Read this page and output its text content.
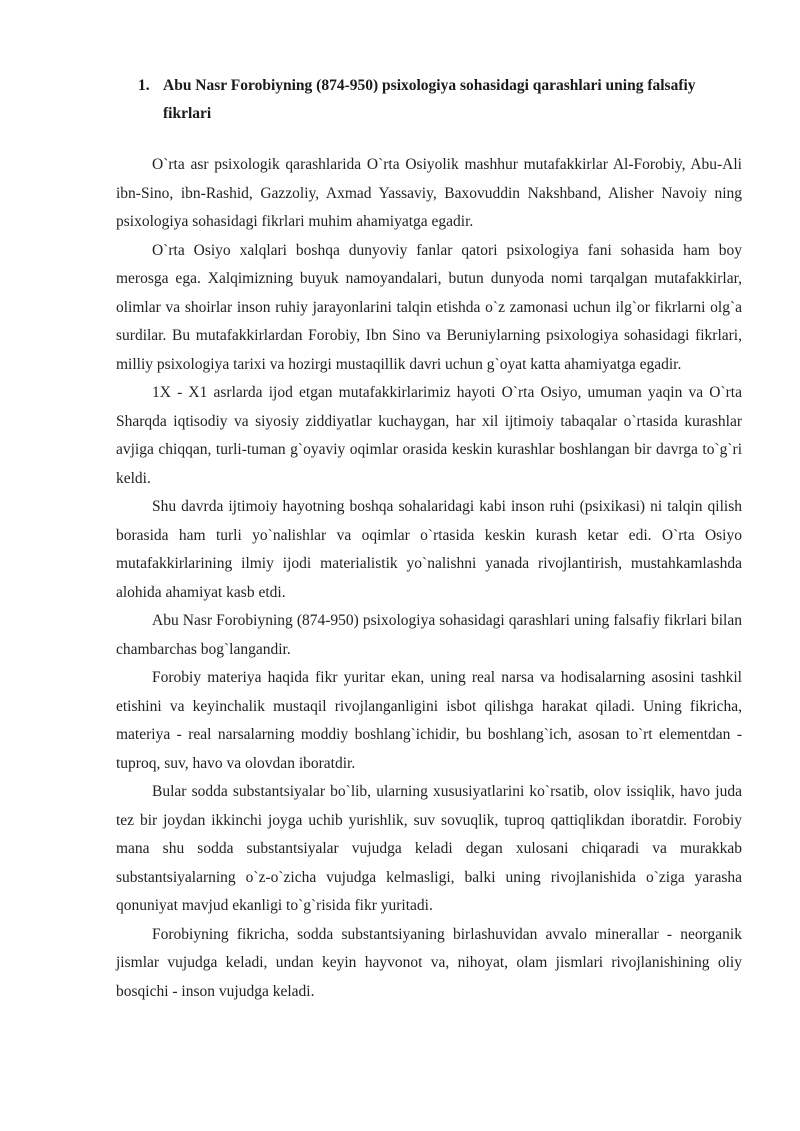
1. Abu Nasr Forobiyning (874-950) psixologiya sohasidagi qarashlari uning falsafiy fikrlari

O`rta asr psixologik qarashlarida O`rta Osiyolik mashhur mutafakkirlar Al-Forobiy, Abu-Ali ibn-Sino, ibn-Rashid, Gazzoliy, Axmad Yassaviy, Baxovuddin Nakshband, Alisher Navoiy ning psixologiya sohasidagi fikrlari muhim ahamiyatga egadir.

O`rta Osiyo xalqlari boshqa dunyoviy fanlar qatori psixologiya fani sohasida ham boy merosga ega. Xalqimizning buyuk namoyandalari, butun dunyoda nomi tarqalgan mutafakkirlar, olimlar va shoirlar inson ruhiy jarayonlarini talqin etishda o`z zamonasi uchun ilg`or fikrlarni olg`a surdilar. Bu mutafakkirlardan Forobiy, Ibn Sino va Beruniylarning psixologiya sohasidagi fikrlari, milliy psixologiya tarixi va hozirgi mustaqillik davri uchun g`oyat katta ahamiyatga egadir.

1X - X1 asrlarda ijod etgan mutafakkirlarimiz hayoti O`rta Osiyo, umuman yaqin va O`rta Sharqda iqtisodiy va siyosiy ziddiyatlar kuchaygan, har xil ijtimoiy tabaqalar o`rtasida kurashlar avjiga chiqqan, turli-tuman g`oyaviy oqimlar orasida keskin kurashlar boshlangan bir davrga to`g`ri keldi.

Shu davrda ijtimoiy hayotning boshqa sohalaridagi kabi inson ruhi (psixikasi) ni talqin qilish borasida ham turli yo`nalishlar va oqimlar o`rtasida keskin kurash ketar edi. O`rta Osiyo mutafakkirlarining ilmiy ijodi materialistik yo`nalishni yanada rivojlantirish, mustahkamlashda alohida ahamiyat kasb etdi.

Abu Nasr Forobiyning (874-950) psixologiya sohasidagi qarashlari uning falsafiy fikrlari bilan chambarchas bog`langandir.

Forobiy materiya haqida fikr yuritar ekan, uning real narsa va hodisalarning asosini tashkil etishini va keyinchalik mustaqil rivojlanganligini isbot qilishga harakat qiladi. Uning fikricha, materiya - real narsalarning moddiy boshlang`ichidir, bu boshlang`ich, asosan to`rt elementdan - tuproq, suv, havo va olovdan iboratdir.

Bular sodda substantsiyalar bo`lib, ularning xususiyatlarini ko`rsatib, olov issiqlik, havo juda tez bir joydan ikkinchi joyga uchib yurishlik, suv sovuqlik, tuproq qattiqlikdan iboratdir. Forobiy mana shu sodda substantsiyalar vujudga keladi degan xulosani chiqaradi va murakkab substantsiyalarning o`z-o`zicha vujudga kelmasligi, balki uning rivojlanishida o`ziga yarasha qonuniyat mavjud ekanligi to`g`risida fikr yuritadi.

Forobiyning fikricha, sodda substantsiyaning birlashuvidan avvalo minerallar - neorganik jismlar vujudga keladi, undan keyin hayvonot va, nihoyat, olam jismlari rivojlanishining oliy bosqichi - inson vujudga keladi.
